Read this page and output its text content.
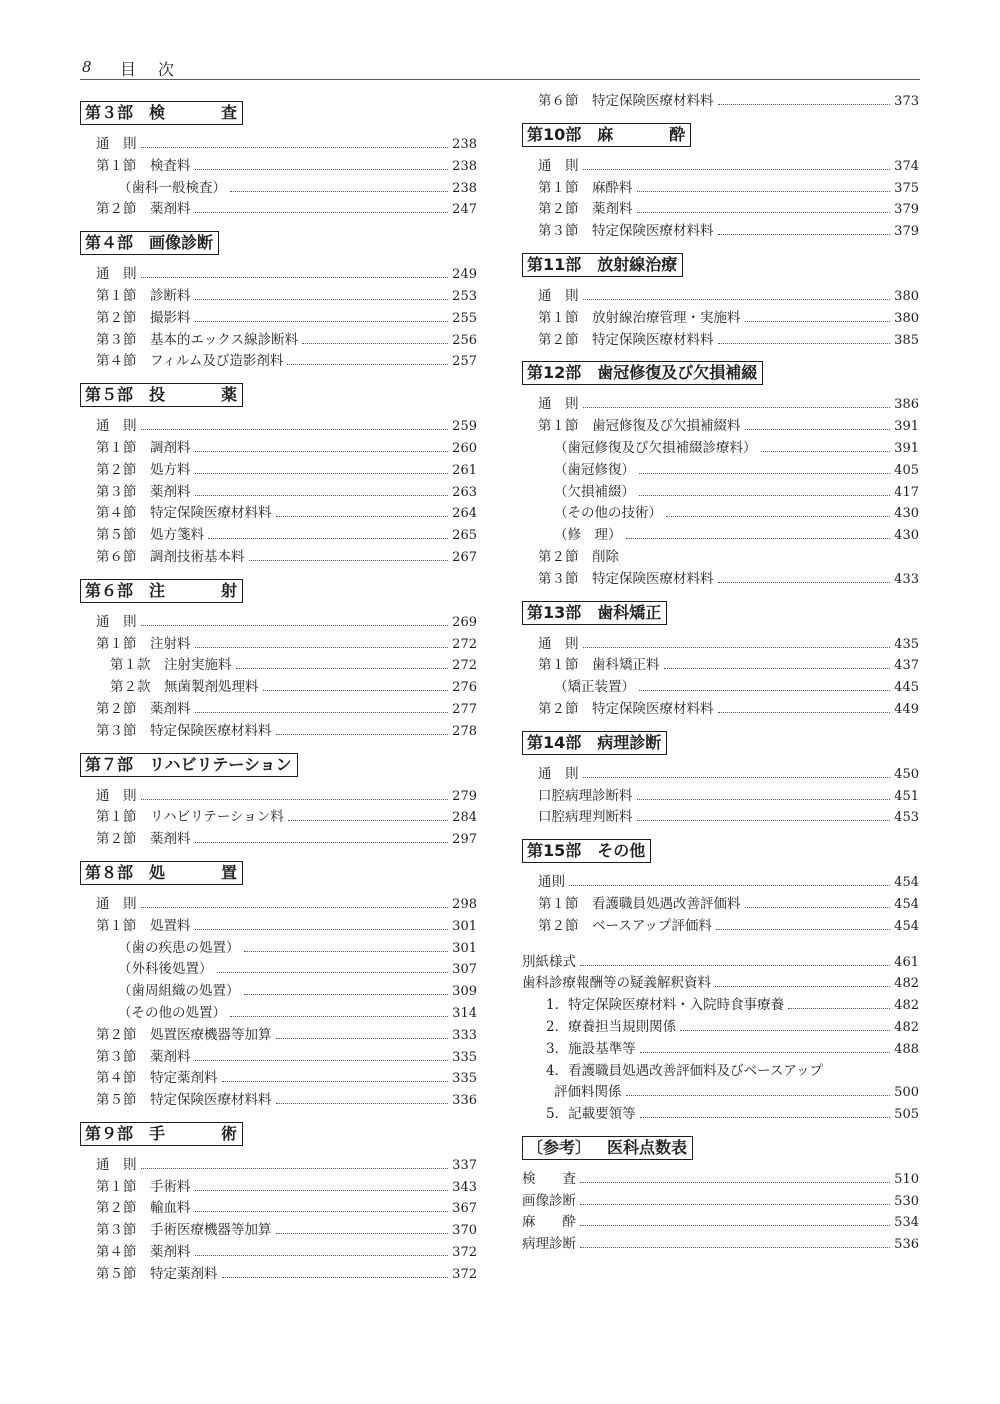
8 目次
第３部 検　　査
通　則	238
第１節　検査料	238
（歯科一般検査）	238
第２節　薬剤料	247
第４部 画像診断
通　則	249
第１節　診断料	253
第２節　撮影料	255
第３節　基本的エックス線診断料	256
第４節　フィルム及び造影剤料	257
第５部 投　　薬
通　則	259
第１節　調剤料	260
第２節　処方料	261
第３節　薬剤料	263
第４節　特定保険医療材料料	264
第５節　処方箋料	265
第６節　調剤技術基本料	267
第６部 注　　射
通　則	269
第１節　注射料	272
第１款　注射実施料	272
第２款　無菌製剤処理料	276
第２節　薬剤料	277
第３節　特定保険医療材料料	278
第７部 リハビリテーション
通　則	279
第１節　リハビリテーション料	284
第２節　薬剤料	297
第８部 処　　置
通　則	298
第１節　処置料	301
（歯の疾患の処置）	301
（外科後処置）	307
（歯周組織の処置）	309
（その他の処置）	314
第２節　処置医療機器等加算	333
第３節　薬剤料	335
第４節　特定薬剤料	335
第５節　特定保険医療材料料	336
第９部 手　　術
通　則	337
第１節　手術料	343
第２節　輸血料	367
第３節　手術医療機器等加算	370
第４節　薬剤料	372
第５節　特定薬剤料	372
第６節　特定保険医療材料料	373
第10部 麻　　酔
通　則	374
第１節　麻酔料	375
第２節　薬剤料	379
第３節　特定保険医療材料料	379
第11部 放射線治療
通　則	380
第１節　放射線治療管理・実施料	380
第２節　特定保険医療材料料	385
第12部 歯冠修復及び欠損補綴
通　則	386
第１節　歯冠修復及び欠損補綴料	391
（歯冠修復及び欠損補綴診療料）	391
（歯冠修復）	405
（欠損補綴）	417
（その他の技術）	430
（修　理）	430
第２節　削除
第３節　特定保険医療材料料	433
第13部 歯科矯正
通　則	435
第１節　歯科矯正料	437
（矯正装置）	445
第２節　特定保険医療材料料	449
第14部 病理診断
通　則	450
口腔病理診断料	451
口腔病理判断料	453
第15部 その他
通則	454
第１節　看護職員処遇改善評価料	454
第２節　ベースアップ評価料	454
別紙様式	461
歯科診療報酬等の疑義解釈資料	482
1．特定保険医療材料・入院時食事療養	482
2．療養担当規則関係	482
3．施設基準等	488
4．看護職員処遇改善評価料及びベースアップ
評価料関係	500
5．記載要領等	505
〔参考〕 医科点数表
検　　査	510
画像診断	530
麻　　酔	534
病理診断	536
